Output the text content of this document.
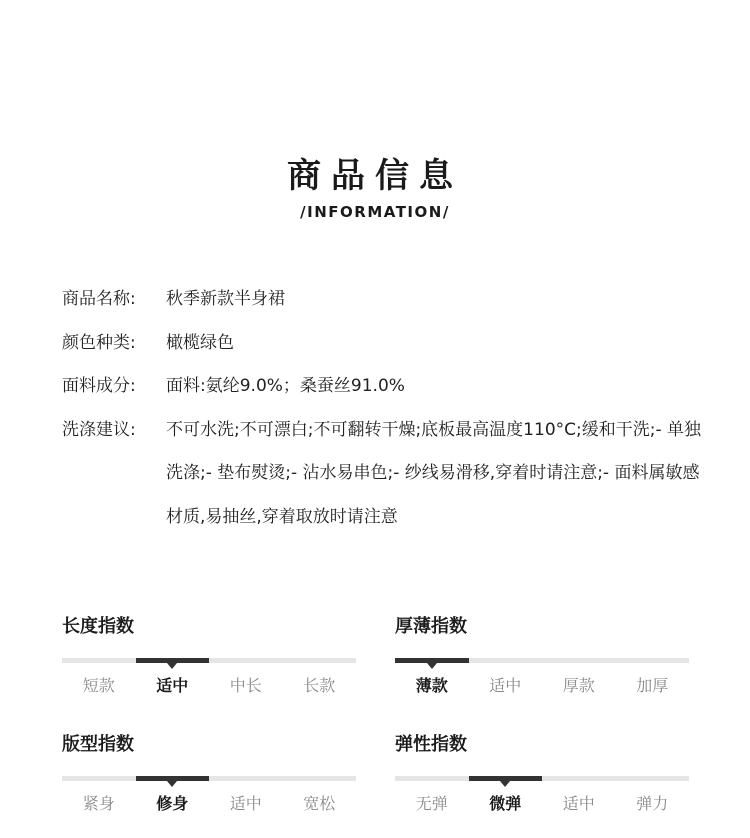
商品信息
/INFORMATION/
商品名称:	秋季新款半身裙
颜色种类:	橄榄绿色
面料成分:	面料:氨纶9.0%；桑蚕丝91.0%
洗涤建议:	不可水洗;不可漂白;不可翻转干燥;底板最高温度110°C;缓和干洗;- 单独洗涤;- 垫布熨烫;- 沾水易串色;- 纱线易滑移,穿着时请注意;- 面料属敏感材质,易抽丝,穿着取放时请注意
长度指数
短款	适中	中长	长款
厚薄指数
薄款	适中	厚款	加厚
版型指数
紧身	修身	适中	宽松
弹性指数
无弹	微弹	适中	弹力
